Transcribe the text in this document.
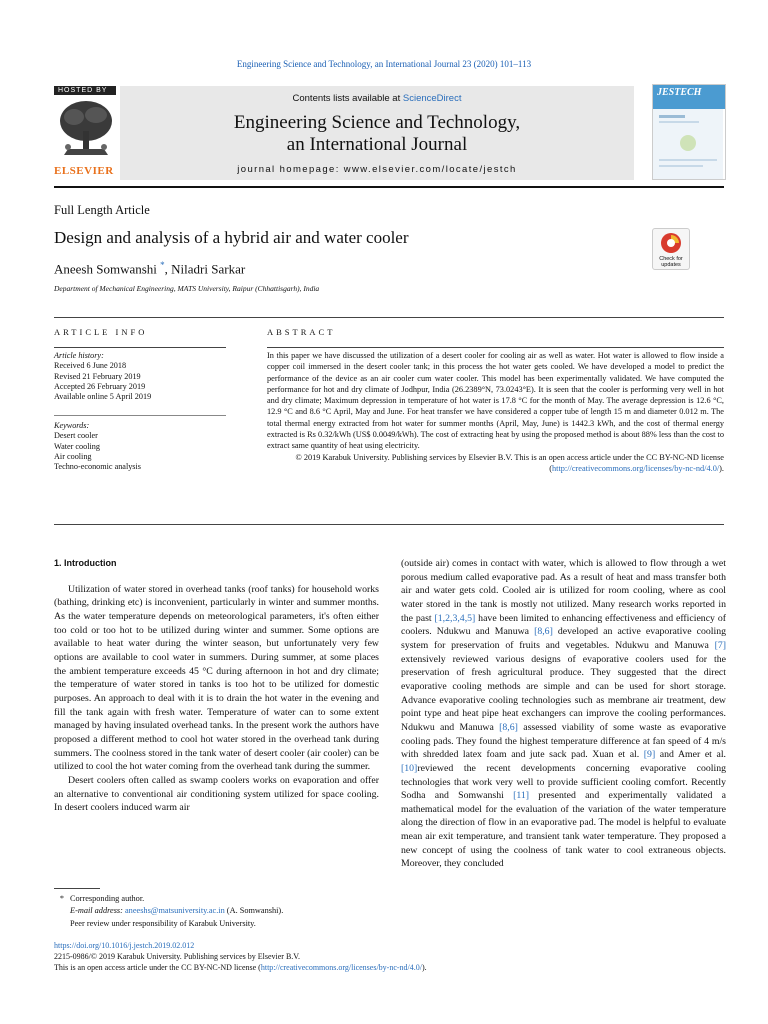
Engineering Science and Technology, an International Journal 23 (2020) 101–113
HOSTED BY
ELSEVIER
Contents lists available at ScienceDirect
Engineering Science and Technology,
an International Journal
journal homepage: www.elsevier.com/locate/jestch
JESTECH
Full Length Article
Design and analysis of a hybrid air and water cooler
Check for updates
Aneesh Somwanshi *, Niladri Sarkar
Department of Mechanical Engineering, MATS University, Raipur (Chhattisgarh), India
ARTICLE INFO	ABSTRACT
Article history:
Received 6 June 2018
Revised 21 February 2019
Accepted 26 February 2019
Available online 5 April 2019
Keywords:
Desert cooler
Water cooling
Air cooling
Techno-economic analysis
In this paper we have discussed the utilization of a desert cooler for cooling air as well as water. Hot water is allowed to flow inside a copper coil immersed in the desert cooler tank; in this process the hot water gets cooled. We have developed a model to predict the performance of the device as an air cooler cum water cooler. This model has been experimentally validated. We have computed the performance for hot and dry climate of Jodhpur, India (26.2389°N, 73.0243°E). It is seen that the cooler is performing very well in hot and dry climate; Maximum depression in temperature of hot water is 17.8 °C for the month of May. The average depression is 12.6 °C, 12.9 °C and 8.6 °C April, May and June. For heat transfer we have considered a copper tube of length 15 m and diameter 0.012 m. The total thermal energy extracted from hot water for summer months (April, May, June) is 1442.3 kWh, and the cost of thermal energy extracted is Rs 0.32/kWh (US$ 0.0049/kWh). The cost of extracting heat by using the proposed method is about 88% less than the cost to extract same quantity of heat using electricity.
© 2019 Karabuk University. Publishing services by Elsevier B.V. This is an open access article under the CC BY-NC-ND license (http://creativecommons.org/licenses/by-nc-nd/4.0/).
1. Introduction

Utilization of water stored in overhead tanks (roof tanks) for household works (bathing, drinking etc) is inconvenient, particularly in winter and summer months. As the water temperature depends on meteorological parameters, it's often either too cold or too hot to be utilized during winter and summer. Some options are available to heat water during the winter season, but unfortunately very few options are available to cool water in summers. During summer, at some places the ambient temperature exceeds 45 °C during afternoon in hot and dry climate; the temperature of water stored in tanks is too hot to be utilized for domestic purposes. An approach to deal with it is to drain the hot water in the evening and fill the tank again with fresh water. Temperature of water can to some extent managed by having insulated overhead tanks. In the present work the authors have proposed a different method to cool hot water stored in the overhead tank during summers. The coolness stored in the tank water of desert cooler (air cooler) can be utilized to cool the hot water coming from the overhead tank during the summer.

Desert coolers often called as swamp coolers works on evaporation and offer an alternative to conventional air conditioning system utilized for space cooling. In desert coolers induced warm air

(outside air) comes in contact with water, which is allowed to flow through a wet porous medium called evaporative pad. As a result of heat and mass transfer both air and water gets cold. Cooled air is utilized for room cooling, where as cool water stored in the tank is mostly not utilized. Many research works reported in the past [1,2,3,4,5] have been limited to enhancing effectiveness and efficiency of coolers. Ndukwu and Manuwa [8,6] developed an active evaporative cooling system for preservation of fruits and vegetables. Ndukwu and Manuwa [7] extensively reviewed various designs of evaporative coolers used for the preservation of fresh agricultural produce. They suggested that the direct evaporative cooling methods are simple and can be used for short storage. Advance evaporative cooling technologies such as membrane air treatment, dew point type and heat pipe heat exchangers can improve the cooling performances. Ndukwu and Manuwa [8,6] assessed viability of some waste as evaporative cooling pads. They found the highest temperature difference at fan speed of 4 m/s with shredded latex foam and jute sack pad. Xuan et al. [9] and Amer et al. [10]reviewed the recent developments concerning evaporative cooling technologies that work very well to provide sufficient cooling comfort. Recently Sodha and Somwanshi [11] presented and experimentally validated a mathematical model for the evaluation of the variation of the water temperature along the direction of flow in an evaporative pad. The model is helpful to evaluate mean air exit temperature, and transient tank water temperature. They proposed a new concept of using the coolness of tank water to cool extraneous objects. Moreover, they concluded

* Corresponding author.
E-mail address: aneeshs@matsuniversity.ac.in (A. Somwanshi).
Peer review under responsibility of Karabuk University.
https://doi.org/10.1016/j.jestch.2019.02.012
2215-0986/© 2019 Karabuk University. Publishing services by Elsevier B.V.
This is an open access article under the CC BY-NC-ND license (http://creativecommons.org/licenses/by-nc-nd/4.0/).
